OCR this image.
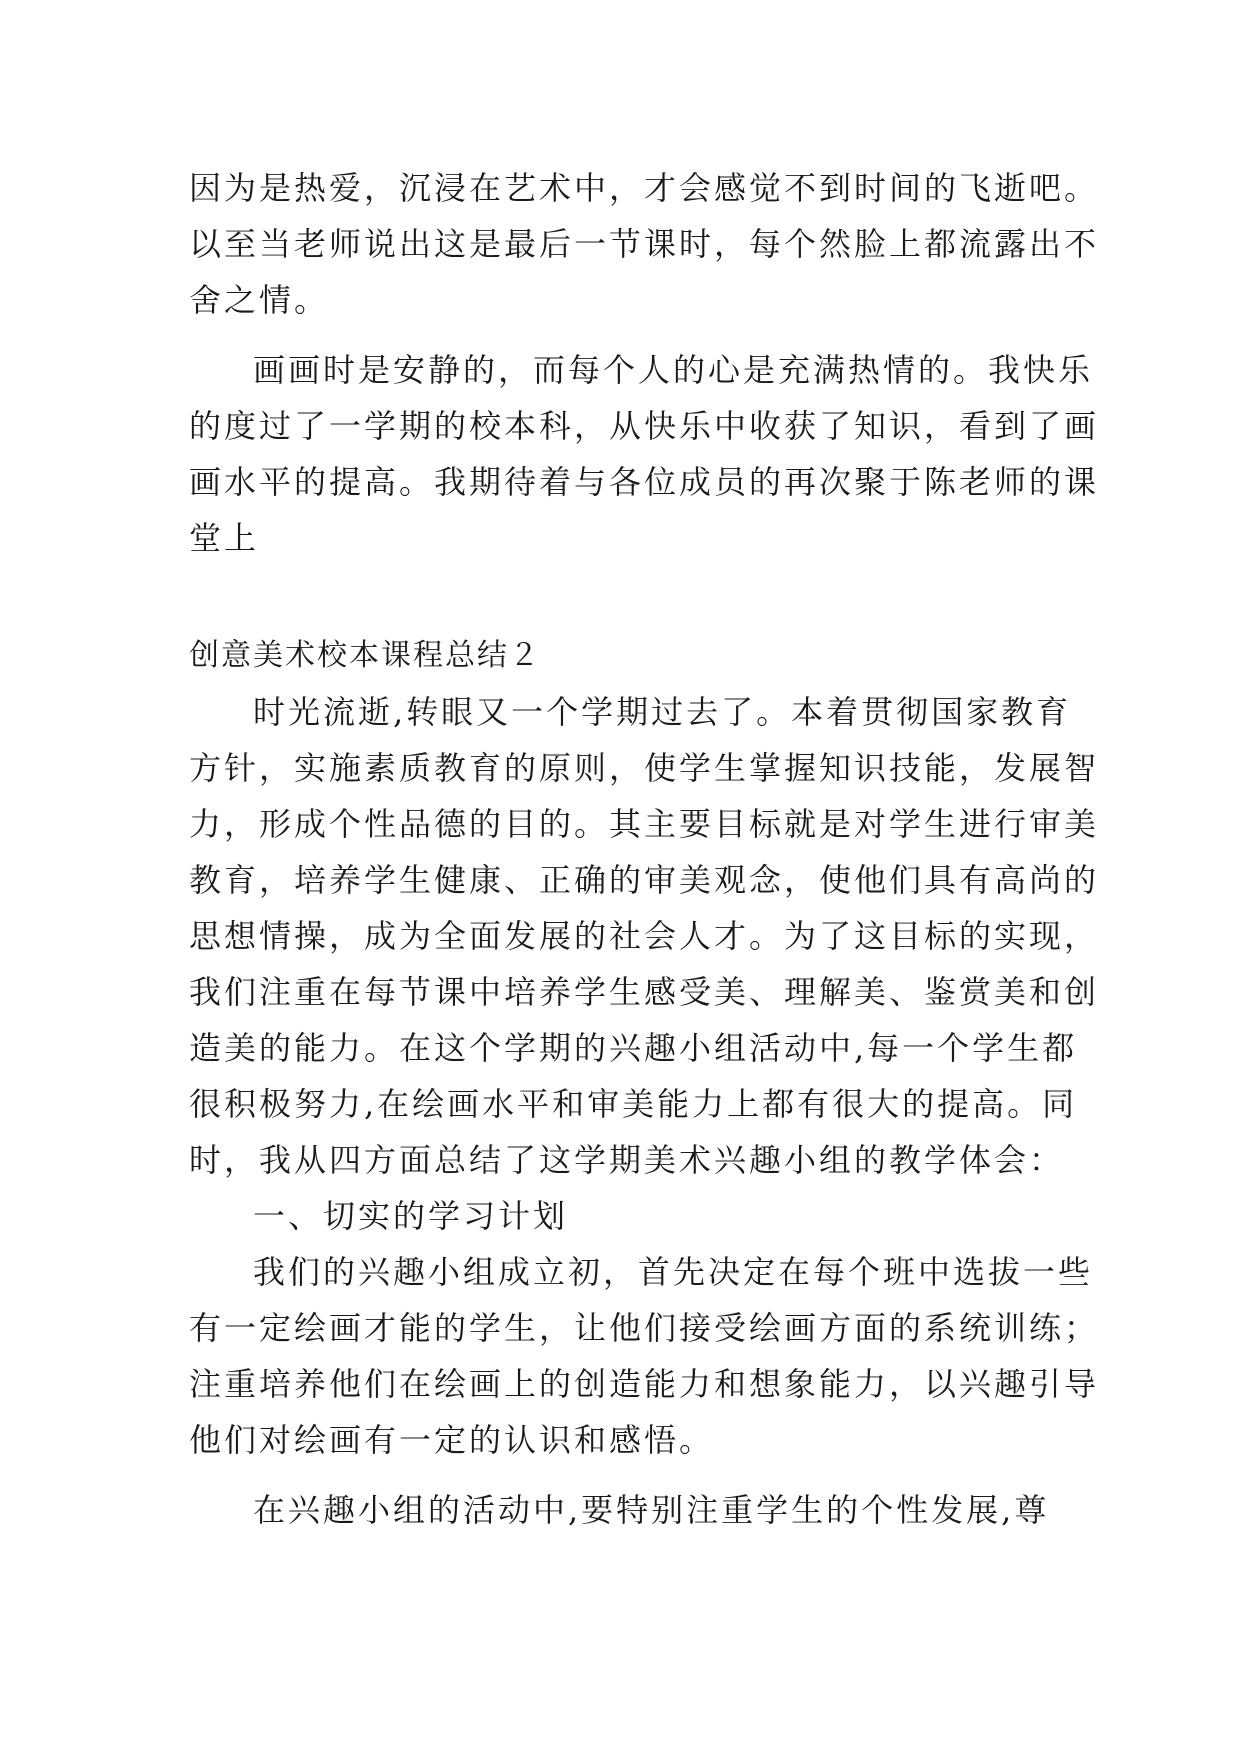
因为是热爱，沉浸在艺术中，才会感觉不到时间的飞逝吧。
以至当老师说出这是最后一节课时，每个然脸上都流露出不
舍之情。
画画时是安静的，而每个人的心是充满热情的。我快乐
的度过了一学期的校本科，从快乐中收获了知识，看到了画
画水平的提高。我期待着与各位成员的再次聚于陈老师的课
堂上
创意美术校本课程总结２
时光流逝,转眼又一个学期过去了。本着贯彻国家教育
方针，实施素质教育的原则，使学生掌握知识技能，发展智
力，形成个性品德的目的。其主要目标就是对学生进行审美
教育，培养学生健康、正确的审美观念，使他们具有高尚的
思想情操，成为全面发展的社会人才。为了这目标的实现，
我们注重在每节课中培养学生感受美、理解美、鉴赏美和创
造美的能力。在这个学期的兴趣小组活动中,每一个学生都
很积极努力,在绘画水平和审美能力上都有很大的提高。同
时，我从四方面总结了这学期美术兴趣小组的教学体会：
一、切实的学习计划
我们的兴趣小组成立初，首先决定在每个班中选拔一些
有一定绘画才能的学生，让他们接受绘画方面的系统训练；
注重培养他们在绘画上的创造能力和想象能力，以兴趣引导
他们对绘画有一定的认识和感悟。
在兴趣小组的活动中,要特别注重学生的个性发展,尊
